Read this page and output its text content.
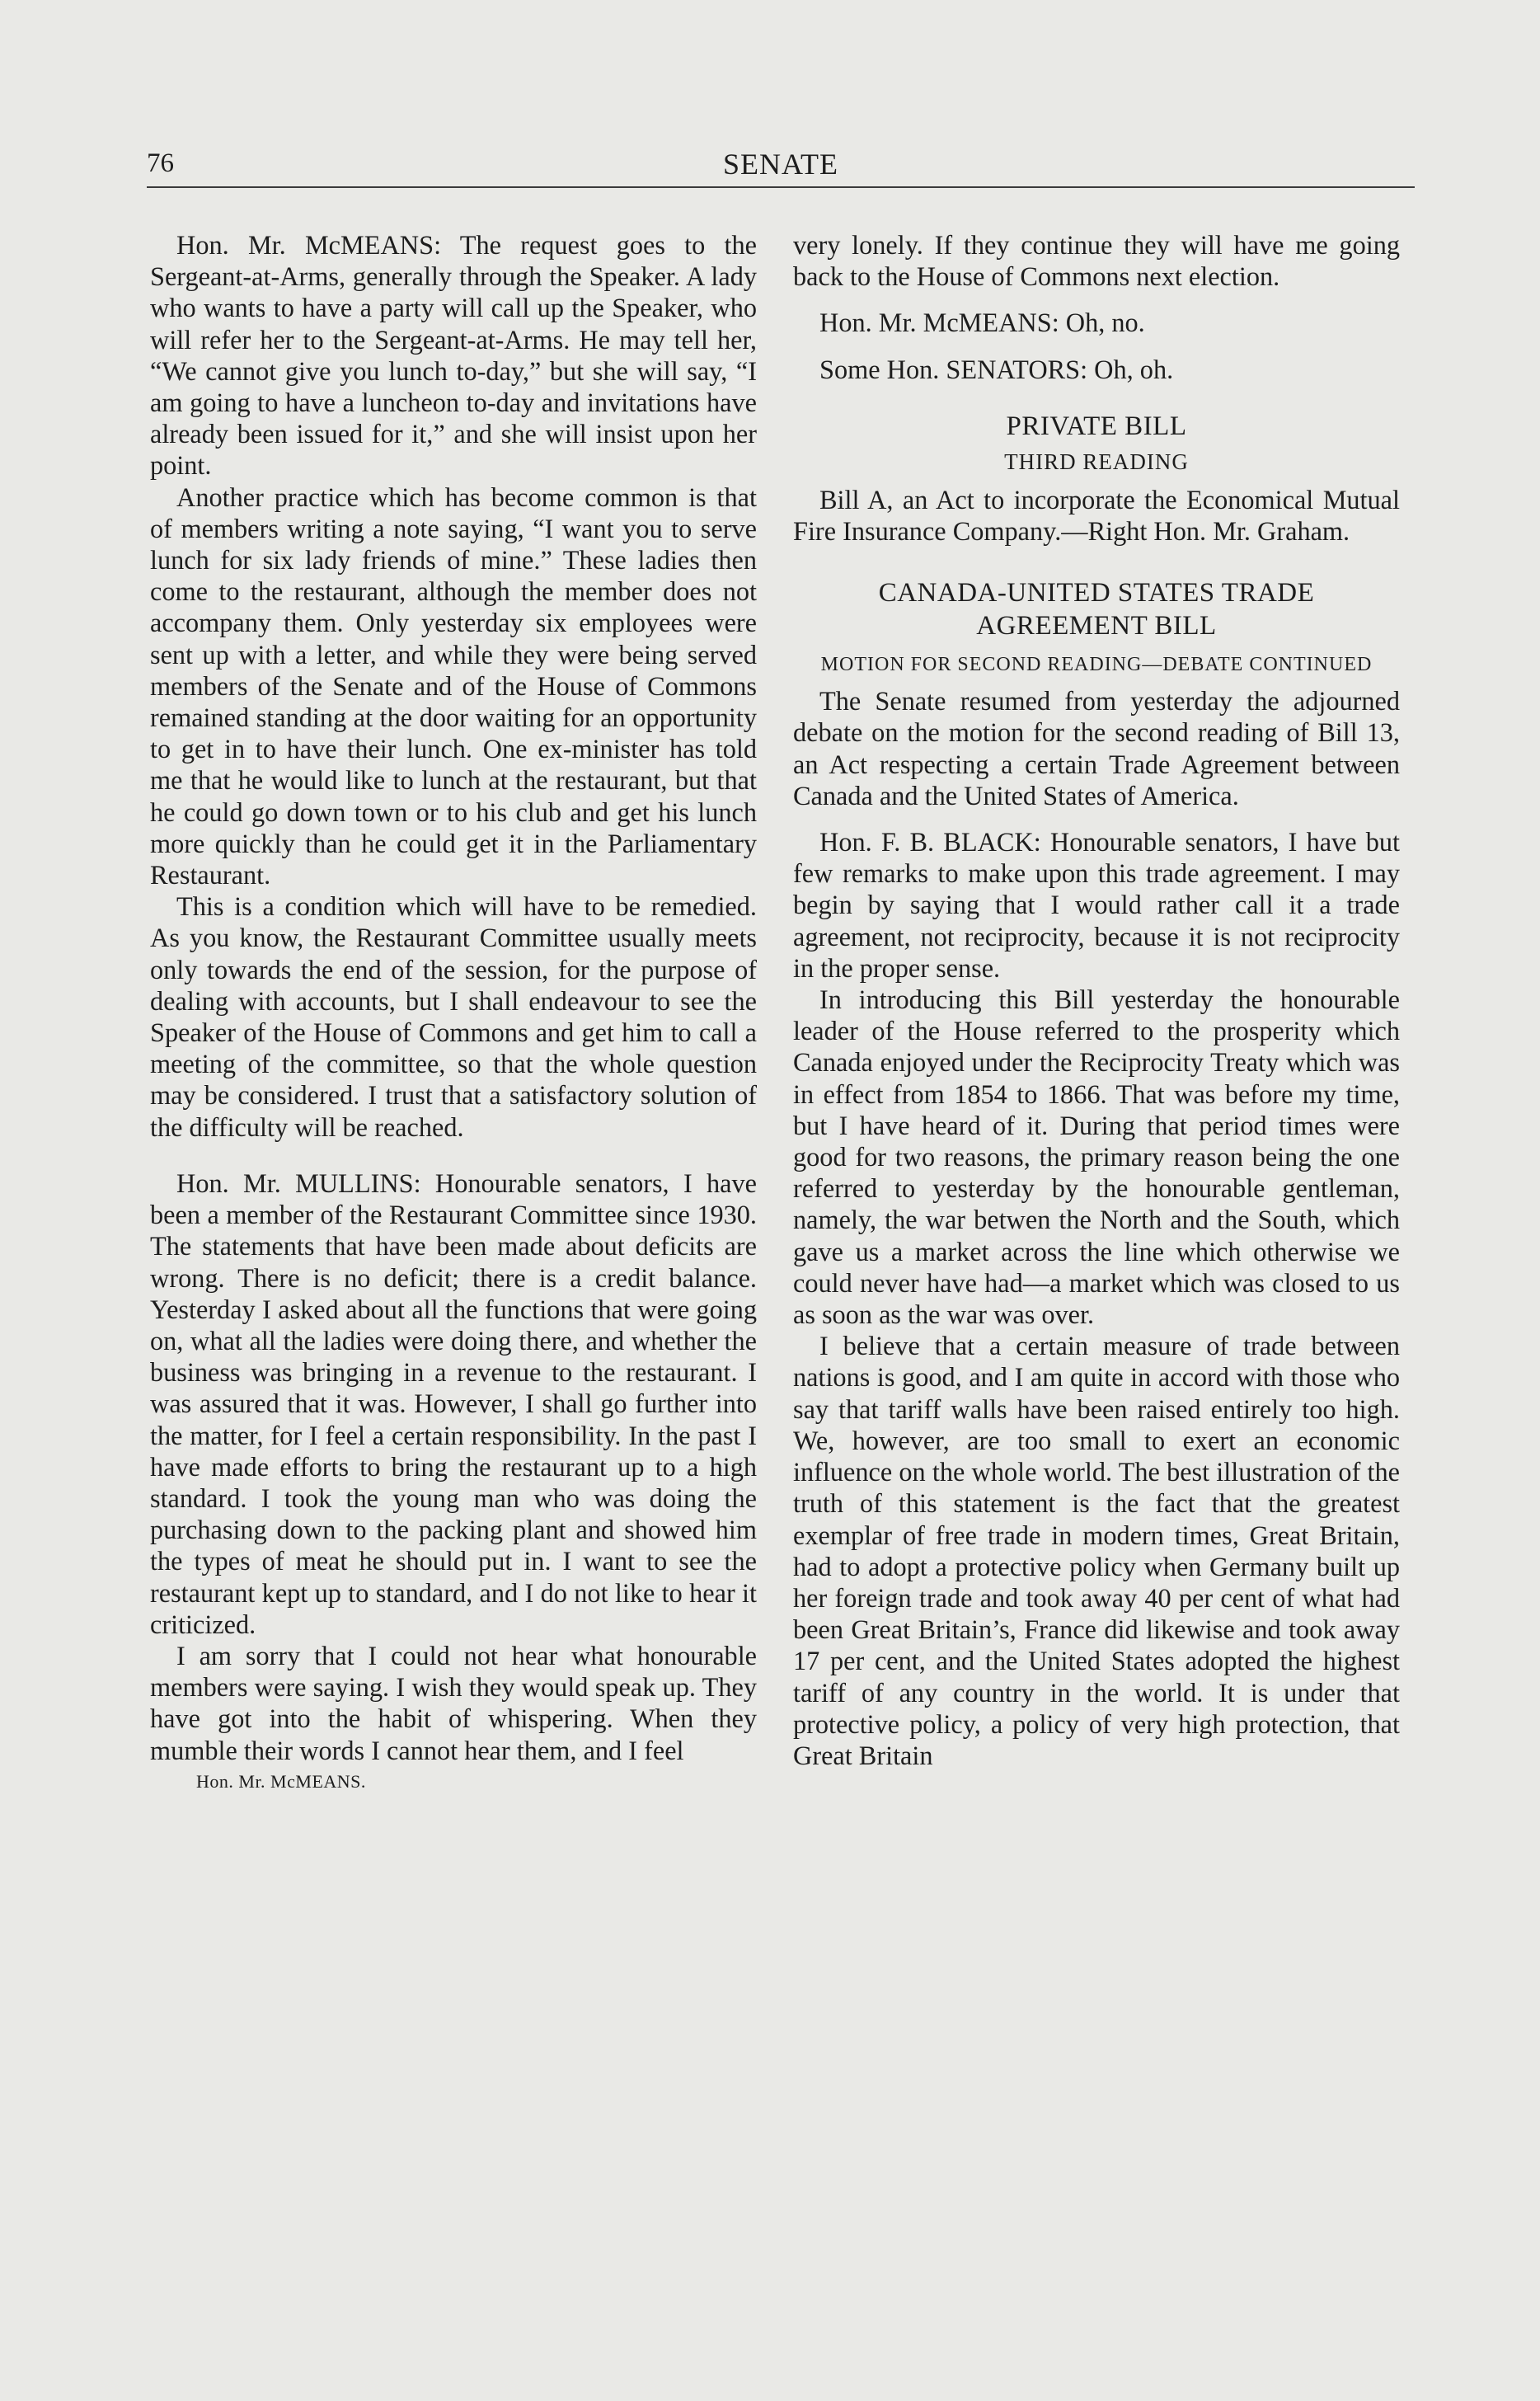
76	SENATE

Hon. Mr. McMEANS: The request goes to the Sergeant-at-Arms, generally through the Speaker. A lady who wants to have a party will call up the Speaker, who will refer her to the Sergeant-at-Arms. He may tell her, “We cannot give you lunch to-day,” but she will say, “I am going to have a luncheon to-day and invitations have already been issued for it,” and she will insist upon her point.

Another practice which has become common is that of members writing a note saying, “I want you to serve lunch for six lady friends of mine.” These ladies then come to the restaurant, although the member does not accompany them. Only yesterday six employees were sent up with a letter, and while they were being served members of the Senate and of the House of Commons remained standing at the door waiting for an opportunity to get in to have their lunch. One ex-minister has told me that he would like to lunch at the restaurant, but that he could go down town or to his club and get his lunch more quickly than he could get it in the Parliamentary Restaurant.

This is a condition which will have to be remedied. As you know, the Restaurant Committee usually meets only towards the end of the session, for the purpose of dealing with accounts, but I shall endeavour to see the Speaker of the House of Commons and get him to call a meeting of the committee, so that the whole question may be considered. I trust that a satisfactory solution of the difficulty will be reached.

Hon. Mr. MULLINS: Honourable senators, I have been a member of the Restaurant Committee since 1930. The statements that have been made about deficits are wrong. There is no deficit; there is a credit balance. Yesterday I asked about all the functions that were going on, what all the ladies were doing there, and whether the business was bringing in a revenue to the restaurant. I was assured that it was. However, I shall go further into the matter, for I feel a certain responsibility. In the past I have made efforts to bring the restaurant up to a high standard. I took the young man who was doing the purchasing down to the packing plant and showed him the types of meat he should put in. I want to see the restaurant kept up to standard, and I do not like to hear it criticized.

I am sorry that I could not hear what honourable members were saying. I wish they would speak up. They have got into the habit of whispering. When they mumble their words I cannot hear them, and I feel

Hon. Mr. McMEANS.

very lonely. If they continue they will have me going back to the House of Commons next election.

Hon. Mr. McMEANS: Oh, no.

Some Hon. SENATORS: Oh, oh.

PRIVATE BILL
THIRD READING

Bill A, an Act to incorporate the Economical Mutual Fire Insurance Company.—Right Hon. Mr. Graham.

CANADA-UNITED STATES TRADE AGREEMENT BILL
MOTION FOR SECOND READING—DEBATE CONTINUED

The Senate resumed from yesterday the adjourned debate on the motion for the second reading of Bill 13, an Act respecting a certain Trade Agreement between Canada and the United States of America.

Hon. F. B. BLACK: Honourable senators, I have but few remarks to make upon this trade agreement. I may begin by saying that I would rather call it a trade agreement, not reciprocity, because it is not reciprocity in the proper sense.

In introducing this Bill yesterday the honourable leader of the House referred to the prosperity which Canada enjoyed under the Reciprocity Treaty which was in effect from 1854 to 1866. That was before my time, but I have heard of it. During that period times were good for two reasons, the primary reason being the one referred to yesterday by the honourable gentleman, namely, the war betwen the North and the South, which gave us a market across the line which otherwise we could never have had—a market which was closed to us as soon as the war was over.

I believe that a certain measure of trade between nations is good, and I am quite in accord with those who say that tariff walls have been raised entirely too high. We, however, are too small to exert an economic influence on the whole world. The best illustration of the truth of this statement is the fact that the greatest exemplar of free trade in modern times, Great Britain, had to adopt a protective policy when Germany built up her foreign trade and took away 40 per cent of what had been Great Britain’s, France did likewise and took away 17 per cent, and the United States adopted the highest tariff of any country in the world. It is under that protective policy, a policy of very high protection, that Great Britain
